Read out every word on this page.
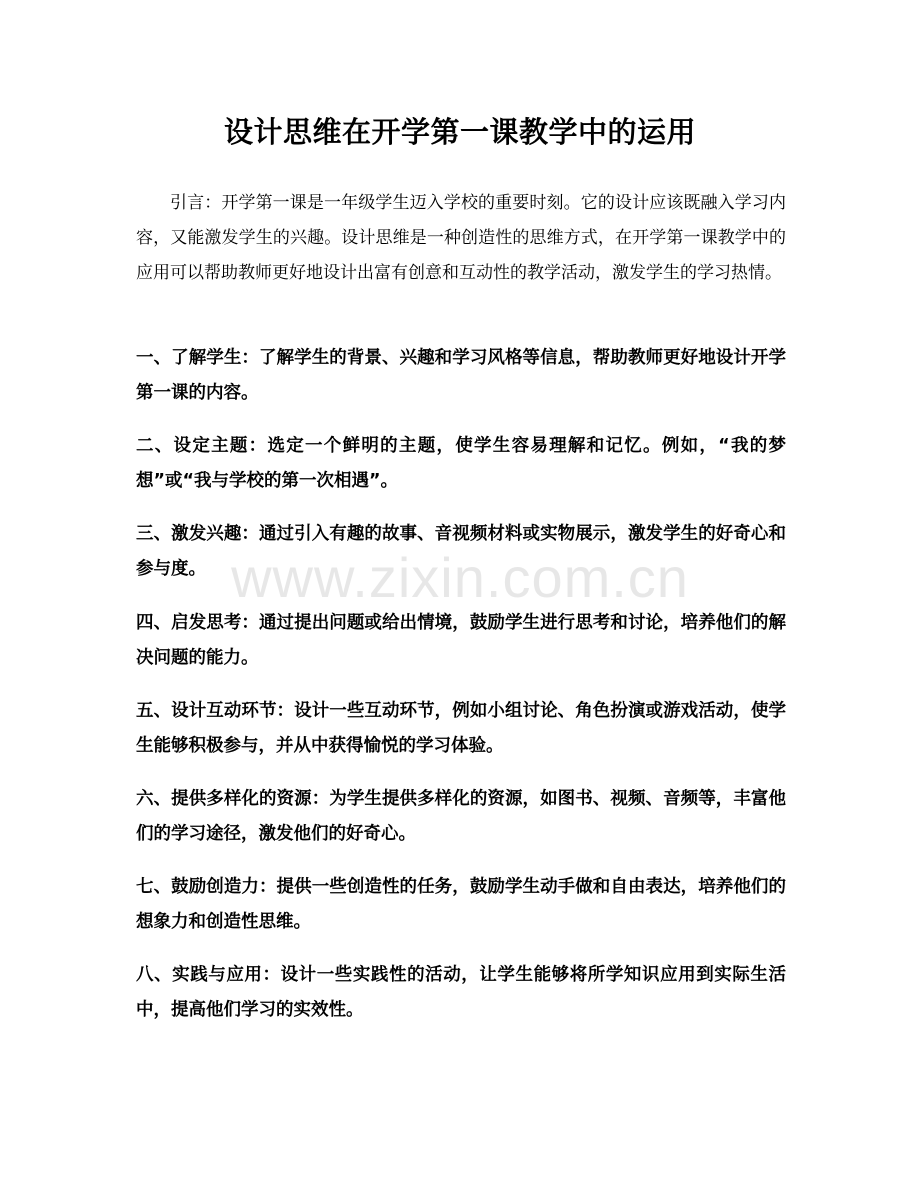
设计思维在开学第一课教学中的运用

引言：开学第一课是一年级学生迈入学校的重要时刻。它的设计应该既融入学习内容，又能激发学生的兴趣。设计思维是一种创造性的思维方式，在开学第一课教学中的应用可以帮助教师更好地设计出富有创意和互动性的教学活动，激发学生的学习热情。

一、了解学生：了解学生的背景、兴趣和学习风格等信息，帮助教师更好地设计开学第一课的内容。

二、设定主题：选定一个鲜明的主题，使学生容易理解和记忆。例如，“我的梦想”或“我与学校的第一次相遇”。

三、激发兴趣：通过引入有趣的故事、音视频材料或实物展示，激发学生的好奇心和参与度。

四、启发思考：通过提出问题或给出情境，鼓励学生进行思考和讨论，培养他们的解决问题的能力。

五、设计互动环节：设计一些互动环节，例如小组讨论、角色扮演或游戏活动，使学生能够积极参与，并从中获得愉悦的学习体验。

六、提供多样化的资源：为学生提供多样化的资源，如图书、视频、音频等，丰富他们的学习途径，激发他们的好奇心。

七、鼓励创造力：提供一些创造性的任务，鼓励学生动手做和自由表达，培养他们的想象力和创造性思维。

八、实践与应用：设计一些实践性的活动，让学生能够将所学知识应用到实际生活中，提高他们学习的实效性。

www.zixin.com.cn
